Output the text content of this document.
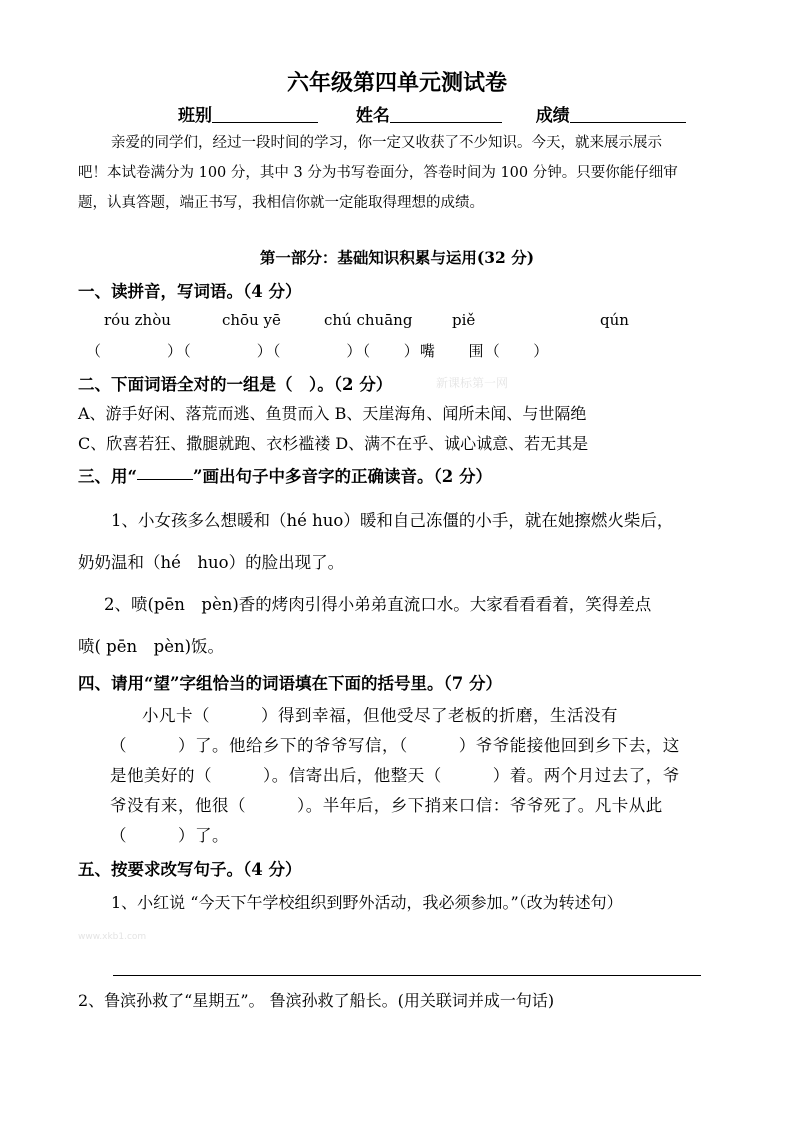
六年级第四单元测试卷
班别	姓名	成绩
亲爱的同学们，经过一段时间的学习，你一定又收获了不少知识。今天，就来展示展示
吧！本试卷满分为 100 分，其中 3 分为书写卷面分，答卷时间为 100 分钟。只要你能仔细审
题，认真答题，端正书写，我相信你就一定能取得理想的成绩。
第一部分：基础知识积累与运用(32 分)
一、读拼音，写词语。（4 分）
róu zhòu	chōu yē	chú chuāng	piě	qún
（　　　　）（　　　　）（　　　　）（　　）嘴　　围（　　）
二、下面词语全对的一组是（　）。（2 分）
A、游手好闲、落荒而逃、鱼贯而入 B、天崖海角、闻所未闻、与世隔绝
C、欣喜若狂、撒腿就跑、衣杉褴褛 D、满不在乎、诚心诚意、若无其是
三、用“	”画出句子中多音字的正确读音。（2 分）
1、小女孩多么想暖和（hé huo）暖和自己冻僵的小手，就在她擦燃火柴后，
奶奶温和（hé　huo）的脸出现了。
2、喷(pēn　pèn)香的烤肉引得小弟弟直流口水。大家看看看着，笑得差点
喷( pēn　pèn)饭。
四、请用“望”字组恰当的词语填在下面的括号里。（7 分）
小凡卡（　　　）得到幸福，但他受尽了老板的折磨，生活没有
（　　　）了。他给乡下的爷爷写信，（　　　）爷爷能接他回到乡下去，这
是他美好的（　　　）。信寄出后，他整天（　　　）着。两个月过去了，爷
爷没有来，他很（　　　）。半年后，乡下捎来口信：爷爷死了。凡卡从此
（　　　）了。
五、按要求改写句子。（4 分）
1、小红说 “今天下午学校组织到野外活动，我必须参加。”（改为转述句）
2、鲁滨孙救了“星期五”。 鲁滨孙救了船长。(用关联词并成一句话)
新课标第一网
www.xkb1.com
